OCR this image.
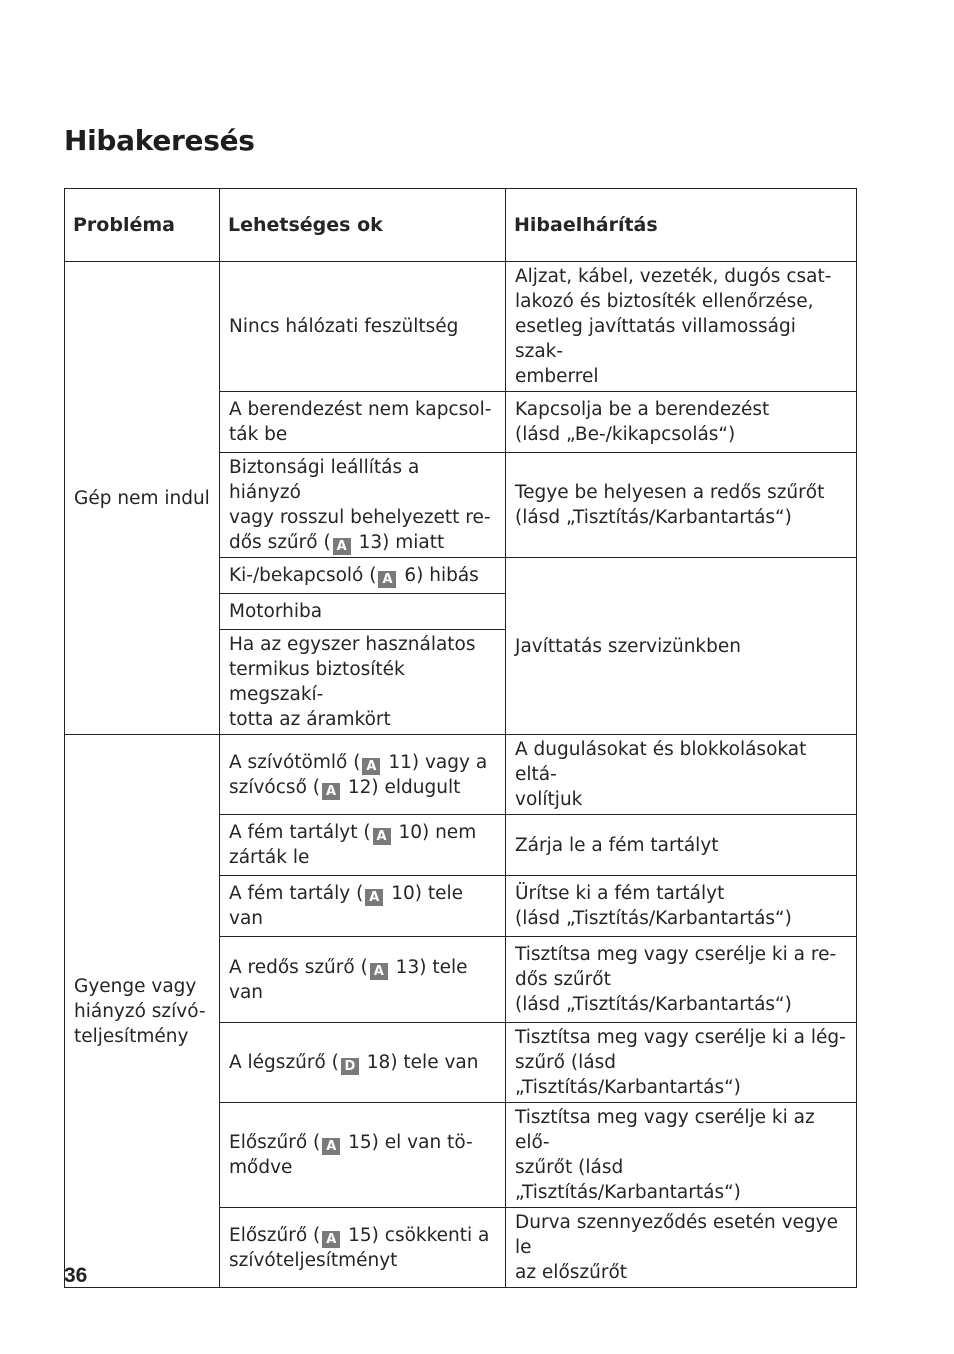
Hibakeresés
Probléma	Lehetséges ok	Hibaelhárítás
Gép nem indul	Nincs hálózati feszültség	Aljzat, kábel, vezeték, dugós csat-
lakozó és biztosíték ellenőrzése,
esetleg javíttatás villamossági szak-
emberrel

	A berendezést nem kapcsol-
ták be	Kapcsolja be a berendezést
(lásd „Be-/kikapcsolás“)

	Biztonsági leállítás a hiányzó
vagy rosszul behelyezett re-
dős szűrő ( A 13) miatt	Tegye be helyesen a redős szűrőt
(lásd „Tisztítás/Karbantartás“)

	Ki-/bekapcsoló ( A 6) hibás	Javíttatás szervizünkben
	Motorhiba	

	Ha az egyszer használatos
termikus biztosíték megszakí-
totta az áramkört	

Gyenge vagy
hiányzó szívó-
teljesítmény	A szívótömlő ( A 11) vagy a
szívócső ( A 12) eldugult	A dugulásokat és blokkolásokat eltá-
volítjuk

	A fém tartályt ( A 10) nem
zárták le	Zárja le a fém tartályt
	A fém tartály ( A 10) tele van	Ürítse ki a fém tartályt
(lásd „Tisztítás/Karbantartás“)

	A redős szűrő ( A 13) tele
van	Tisztítsa meg vagy cserélje ki a re-
dős szűrőt
(lásd „Tisztítás/Karbantartás“)

	A légszűrő ( D 18) tele van	Tisztítsa meg vagy cserélje ki a lég-
szűrő (lásd „Tisztítás/Karbantartás“)

	Előszűrő ( A 15) el van tö-
mődve	Tisztítsa meg vagy cserélje ki az elő-
szűrőt (lásd „Tisztítás/Karbantartás“)

	Előszűrő ( A 15) csökkenti a
szívóteljesítményt	Durva szennyeződés esetén vegye le
az előszűrőt
36
